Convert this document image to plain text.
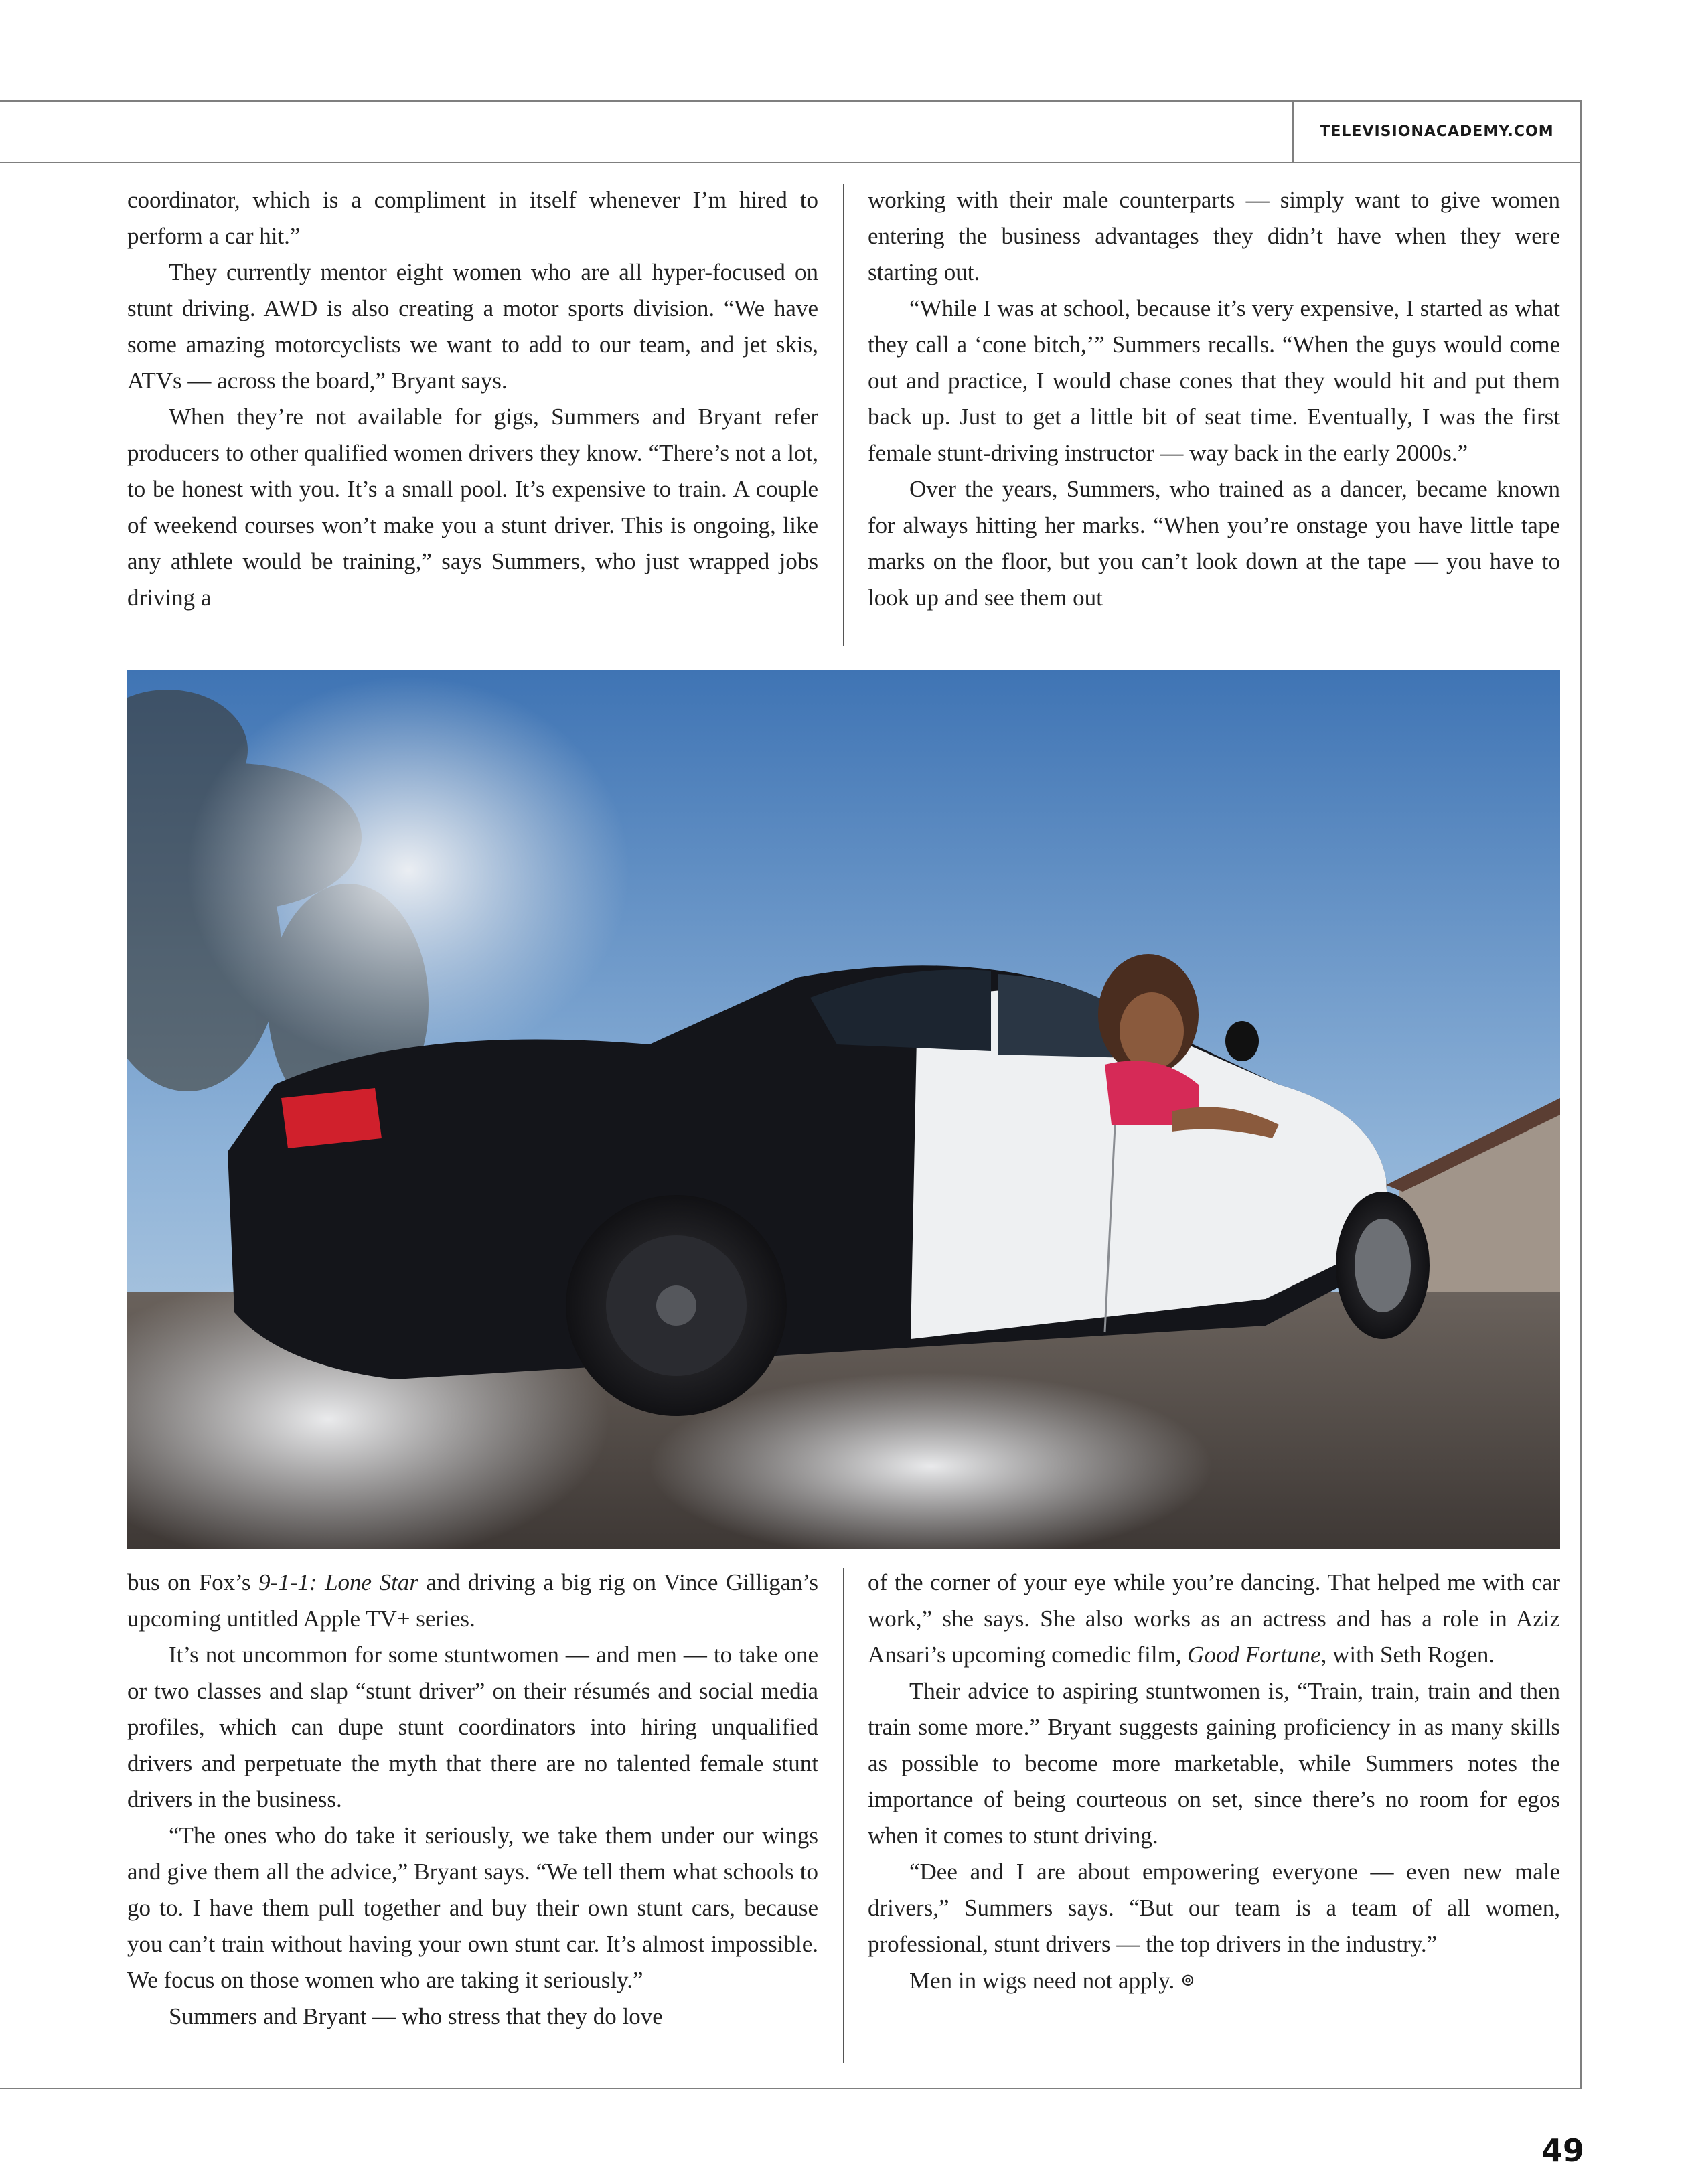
TELEVISIONACADEMY.COM

coordinator, which is a compliment in itself whenever I’m hired to perform a car hit.”

They currently mentor eight women who are all hyper-focused on stunt driving. AWD is also creating a motor sports division. “We have some amazing motorcyclists we want to add to our team, and jet skis, ATVs — across the board,” Bryant says.

When they’re not available for gigs, Summers and Bryant refer producers to other qualified women drivers they know. “There’s not a lot, to be honest with you. It’s a small pool. It’s expensive to train. A couple of weekend courses won’t make you a stunt driver. This is ongoing, like any athlete would be training,” says Summers, who just wrapped jobs driving a

working with their male counterparts — simply want to give women entering the business advantages they didn’t have when they were starting out.

“While I was at school, because it’s very expensive, I started as what they call a ‘cone bitch,’” Summers recalls. “When the guys would come out and practice, I would chase cones that they would hit and put them back up. Just to get a little bit of seat time. Eventually, I was the first female stunt-driving instructor — way back in the early 2000s.”

Over the years, Summers, who trained as a dancer, became known for always hitting her marks. “When you’re onstage you have little tape marks on the floor, but you can’t look down at the tape — you have to look up and see them out

bus on Fox’s 9-1-1: Lone Star and driving a big rig on Vince Gilligan’s upcoming untitled Apple TV+ series.

It’s not uncommon for some stuntwomen — and men — to take one or two classes and slap “stunt driver” on their résumés and social media profiles, which can dupe stunt coordinators into hiring unqualified drivers and perpetuate the myth that there are no talented female stunt drivers in the business.

“The ones who do take it seriously, we take them under our wings and give them all the advice,” Bryant says. “We tell them what schools to go to. I have them pull together and buy their own stunt cars, because you can’t train without having your own stunt car. It’s almost impossible. We focus on those women who are taking it seriously.”

Summers and Bryant — who stress that they do love

of the corner of your eye while you’re dancing. That helped me with car work,” she says. She also works as an actress and has a role in Aziz Ansari’s upcoming comedic film, Good Fortune, with Seth Rogen.

Their advice to aspiring stuntwomen is, “Train, train, train and then train some more.” Bryant suggests gaining proficiency in as many skills as possible to become more marketable, while Summers notes the importance of being courteous on set, since there’s no room for egos when it comes to stunt driving.

“Dee and I are about empowering everyone — even new male drivers,” Summers says. “But our team is a team of all women, professional, stunt drivers — the top drivers in the industry.”

Men in wigs need not apply. ⊚

49
